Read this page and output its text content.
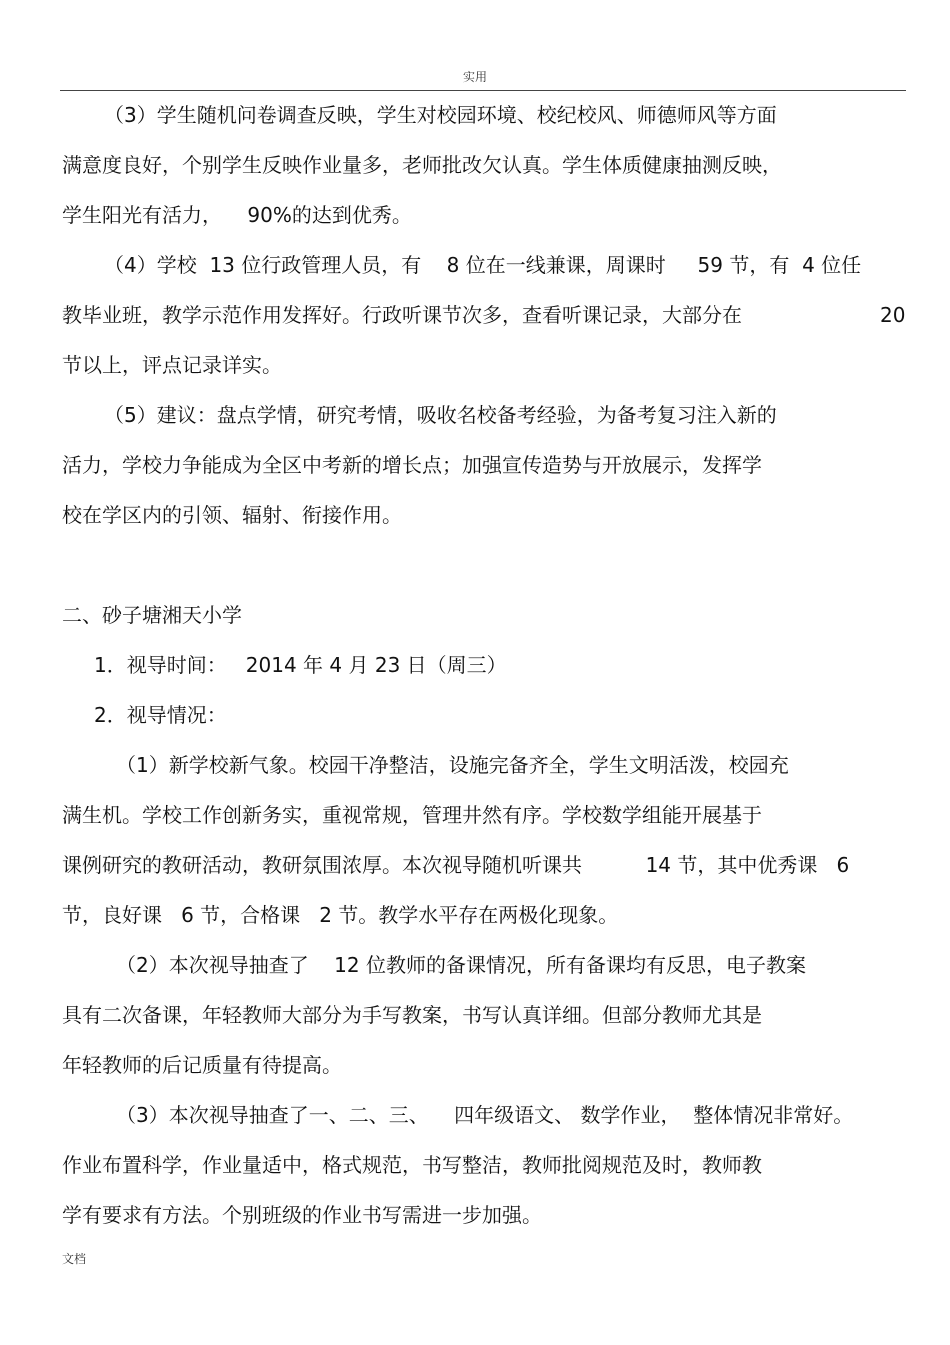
实用
（3）学生随机问卷调查反映，学生对校园环境、校纪校风、师德师风等方面
满意度良好，个别学生反映作业量多，老师批改欠认真。学生体质健康抽测反映，
学生阳光有活力，    90%的达到优秀。
（4）学校  13 位行政管理人员，有    8 位在一线兼课，周课时     59 节，有  4 位任
教毕业班，教学示范作用发挥好。行政听课节次多，查看听课记录，大部分在	20
节以上，评点记录详实。
（5）建议：盘点学情，研究考情，吸收名校备考经验，为备考复习注入新的
活力，学校力争能成为全区中考新的增长点；加强宣传造势与开放展示，发挥学
校在学区内的引领、辐射、衔接作用。
二、砂子塘湘天小学
1．视导时间：   2014 年 4 月 23 日（周三）
2．视导情况：
（1）新学校新气象。校园干净整洁，设施完备齐全，学生文明活泼，校园充
满生机。学校工作创新务实，重视常规，管理井然有序。学校数学组能开展基于
课例研究的教研活动，教研氛围浓厚。本次视导随机听课共          14 节，其中优秀课   6
节，良好课   6 节，合格课   2 节。教学水平存在两极化现象。
（2）本次视导抽查了    12 位教师的备课情况，所有备课均有反思，电子教案
具有二次备课，年轻教师大部分为手写教案，书写认真详细。但部分教师尤其是
年轻教师的后记质量有待提高。
（3）本次视导抽查了一、二、三、    四年级语文、 数学作业，  整体情况非常好。
作业布置科学，作业量适中，格式规范，书写整洁，教师批阅规范及时，教师教
学有要求有方法。个别班级的作业书写需进一步加强。
文档
